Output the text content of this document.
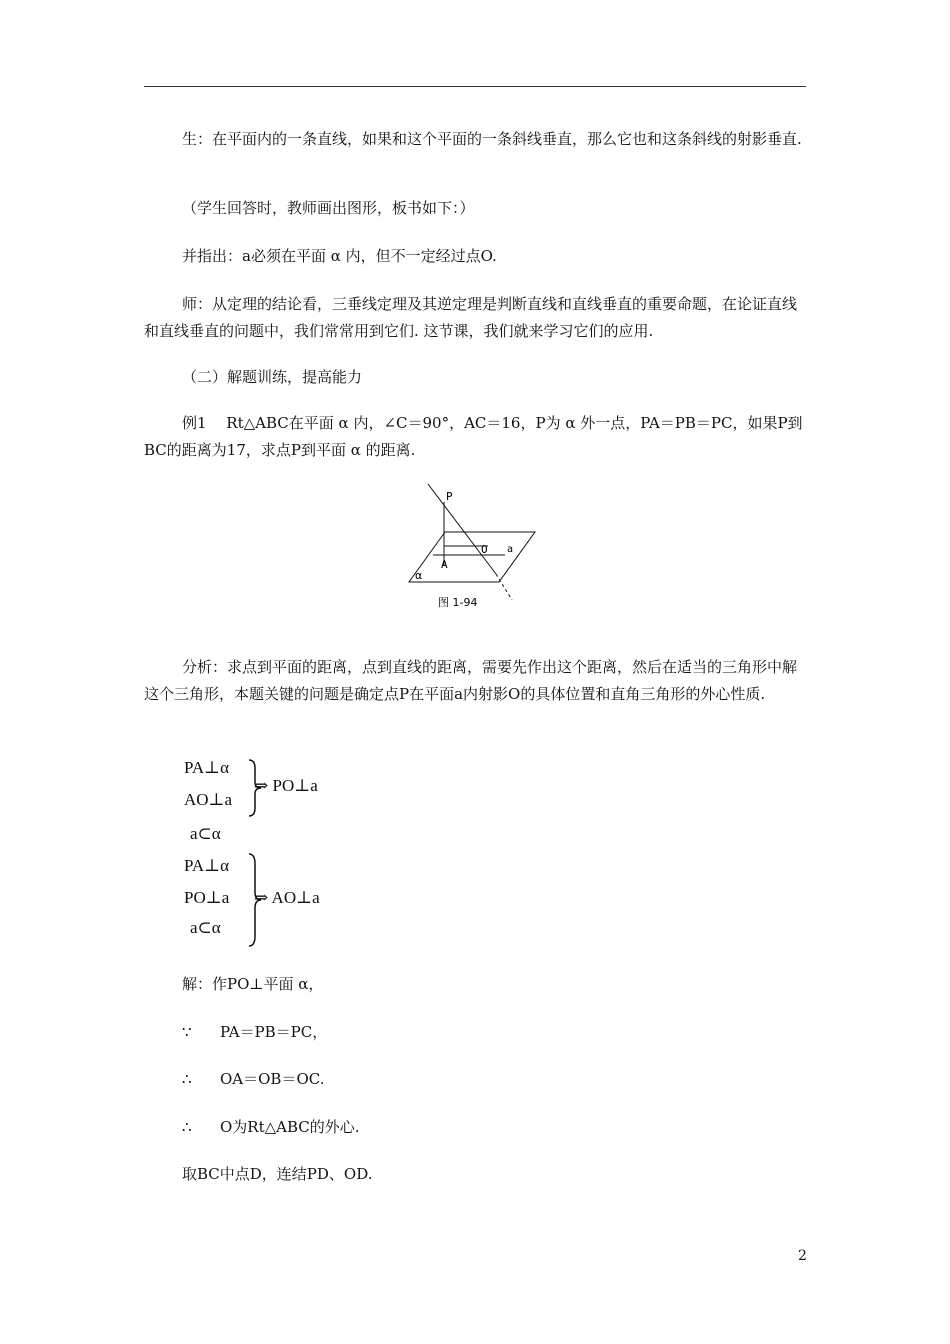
生：在平面内的一条直线，如果和这个平面的一条斜线垂直，那么它也和这条斜线的射影垂直.

（学生回答时，教师画出图形，板书如下：）

并指出：a必须在平面 α 内，但不一定经过点O.

师：从定理的结论看，三垂线定理及其逆定理是判断直线和直线垂直的重要命题，在论证直线和直线垂直的问题中，我们常常用到它们. 这节课，我们就来学习它们的应用.

（二）解题训练，提高能力

例1　 Rt△ABC在平面 α 内，∠C＝90°，AC＝16，P为 α 外一点，PA＝PB＝PC，如果P到BC的距离为17，求点P到平面 α 的距离.

P
O a
A
α
图 1-94

分析：求点到平面的距离，点到直线的距离，需要先作出这个距离，然后在适当的三角形中解这个三角形，本题关键的问题是确定点P在平面a内射影O的具体位置和直角三角形的外心性质.

PA⊥α
AO⊥a
⇒ PO⊥a
a⊂α
PA⊥α
PO⊥a
a⊂α
⇒ AO⊥a

解：作PO⊥平面 α，

∵ PA＝PB＝PC，

∴ OA＝OB＝OC.

∴ O为Rt△ABC的外心.

取BC中点D，连结PD、OD.

2
